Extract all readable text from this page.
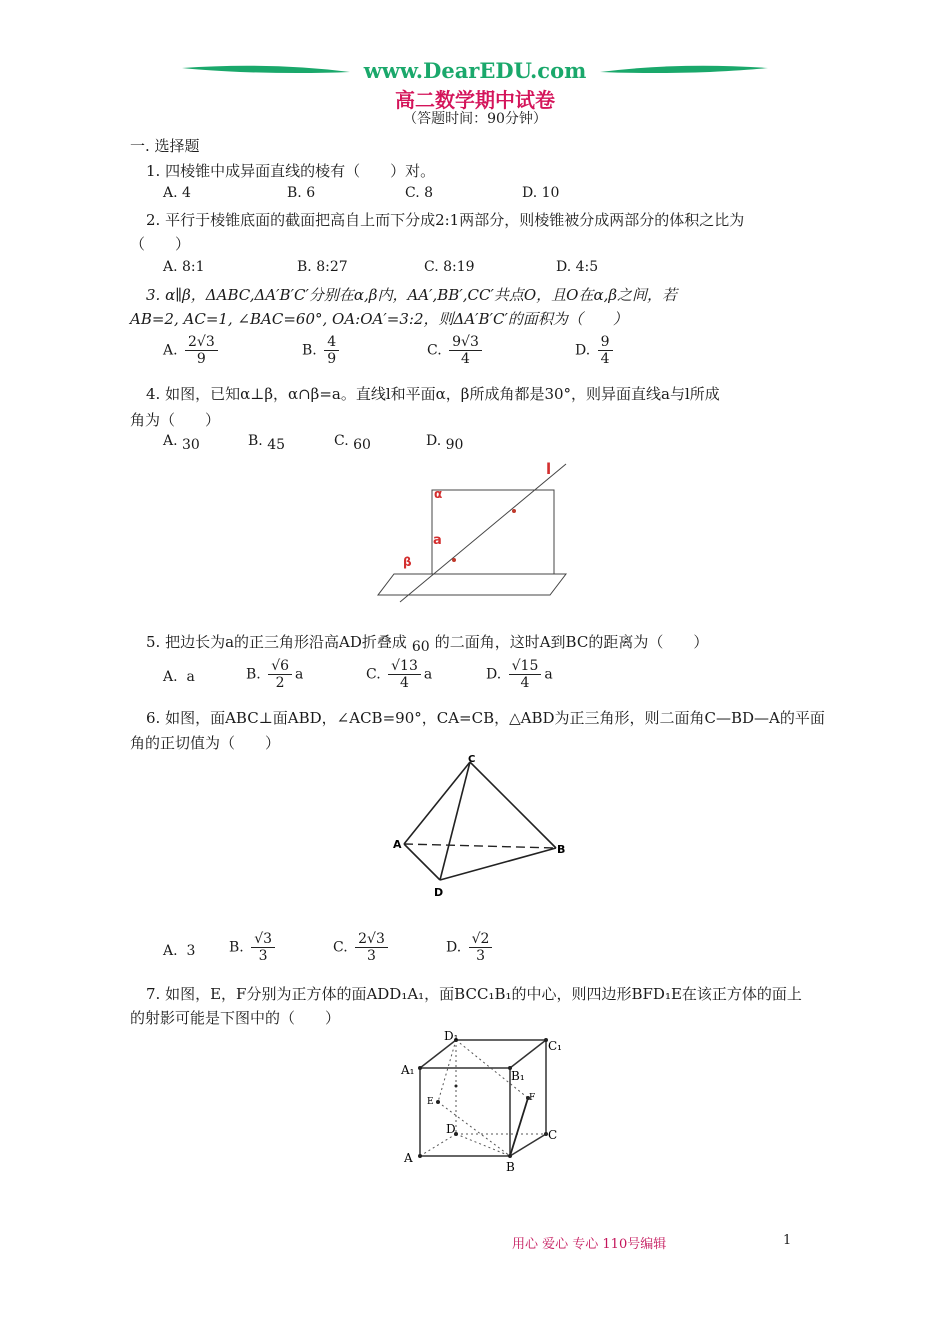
www.DearEDU.com
高二数学期中试卷
（答题时间：90分钟）
一. 选择题
1. 四棱锥中成异面直线的棱有（　　）对。
A. 4	B. 6	C. 8	D. 10
2. 平行于棱锥底面的截面把高自上而下分成2:1两部分，则棱锥被分成两部分的体积之比为
（　　）
A. 8:1	B. 8:27	C. 8:19	D. 4:5
3. α∥β，ΔABC,ΔA′B′C′分别在α,β内，AA′,BB′,CC′共点O，且O在α,β之间，若
AB=2, AC=1, ∠BAC=60°, OA:OA′=3:2，则ΔA′B′C′的面积为（　　）
A. $\frac{2√3}{9}$	B. $\frac{4}{9}$	C. $\frac{9√3}{4}$	D. $\frac{9}{4}$
4. 如图，已知α⊥β，α∩β=a。直线l和平面α，β所成角都是30°，则异面直线a与l所成
角为（　　）
A. 30	B. 45	C. 60	D. 90
l
α
a
β
5. 把边长为a的正三角形沿高AD折叠成 60 的二面角，这时A到BC的距离为（　　）
A. a	B. $\frac{√6}{2}$ a	C. $\frac{√13}{4}$ a	D. $\frac{√15}{4}$ a
6. 如图，面ABC⊥面ABD，∠ACB=90°，CA=CB，△ABD为正三角形，则二面角C—BD—A的平面
角的正切值为（　　）
C
A	B
D
A. 3 B. $\frac{√3}{3}$	C. $\frac{2√3}{3}$	D. $\frac{√2}{3}$
7. 如图，E，F分别为正方体的面ADD₁A₁，面BCC₁B₁的中心，则四边形BFD₁E在该正方体的面上
的射影可能是下图中的（　　）
D₁
C₁
A₁	B₁
E	F
D	C
A
B
用心 爱心 专心 110号编辑	1
